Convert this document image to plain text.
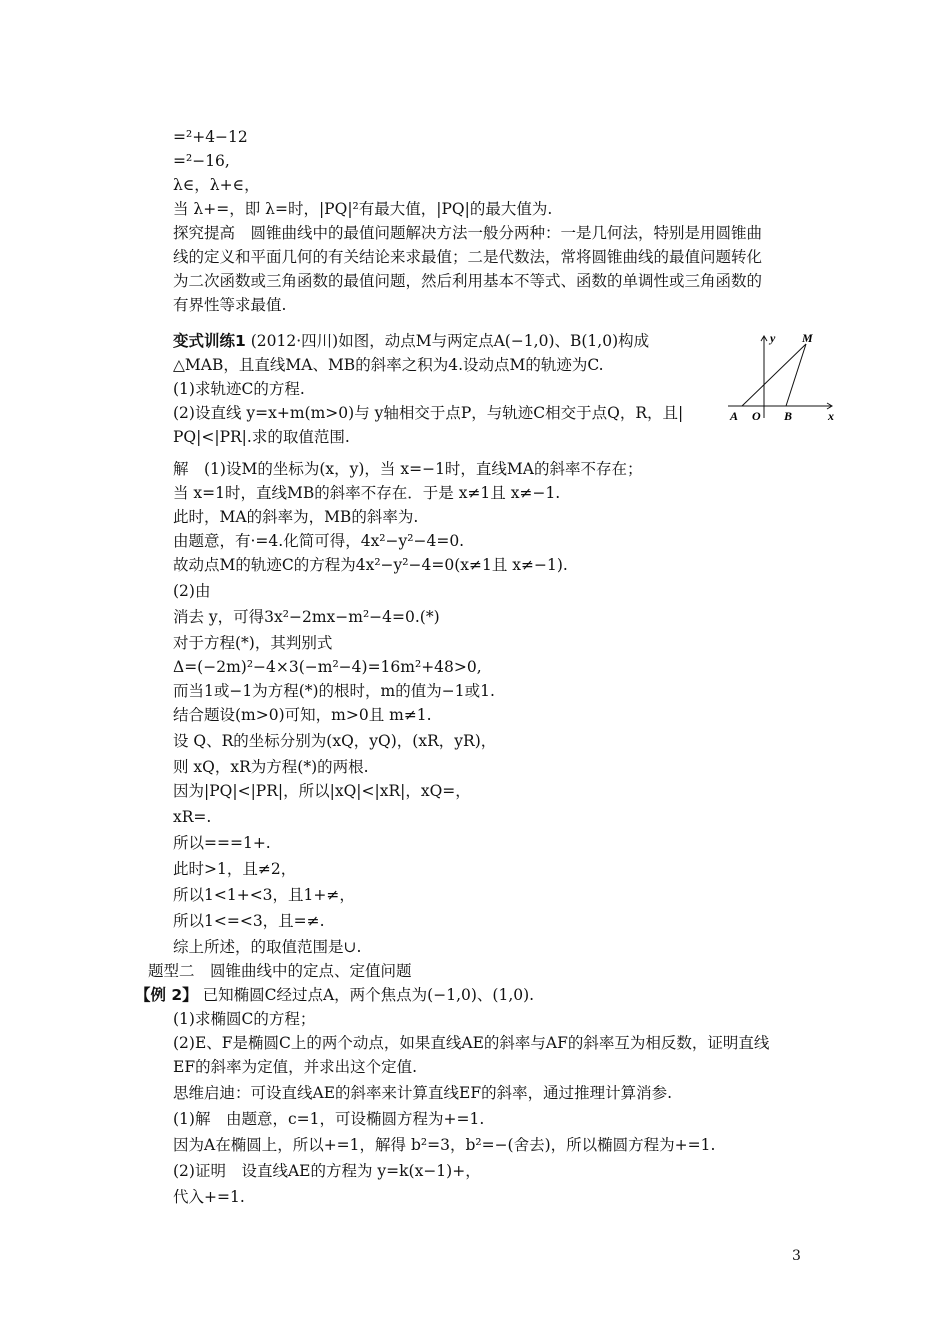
=²+4−12
=²−16,
λ∈，λ+∈，
当 λ+=，即 λ=时，|PQ|²有最大值，|PQ|的最大值为.
探究提高　圆锥曲线中的最值问题解决方法一般分两种：一是几何法，特别是用圆锥曲
线的定义和平面几何的有关结论来求最值；二是代数法，常将圆锥曲线的最值问题转化
为二次函数或三角函数的最值问题，然后利用基本不等式、函数的单调性或三角函数的
有界性等求最值.
变式训练1 (2012·四川)如图，动点M与两定点A(−1,0)、B(1,0)构成
△MAB，且直线MA、MB的斜率之积为4.设动点M的轨迹为C.
(1)求轨迹C的方程.
(2)设直线 y=x+m(m>0)与 y轴相交于点P，与轨迹C相交于点Q，R，且|
PQ|<|PR|.求的取值范围.
y M
A O B	x
解　(1)设M的坐标为(x，y)，当 x=−1时，直线MA的斜率不存在；
当 x=1时，直线MB的斜率不存在．于是 x≠1且 x≠−1.
此时，MA的斜率为，MB的斜率为.
由题意，有·=4.化简可得，4x²−y²−4=0.
故动点M的轨迹C的方程为4x²−y²−4=0(x≠1且 x≠−1).
(2)由
消去 y，可得3x²−2mx−m²−4=0.(*)
对于方程(*)，其判别式
Δ=(−2m)²−4×3(−m²−4)=16m²+48>0,
而当1或−1为方程(*)的根时，m的值为−1或1.
结合题设(m>0)可知，m>0且 m≠1.
设 Q、R的坐标分别为(xQ，yQ)，(xR，yR)，
则 xQ，xR为方程(*)的两根.
因为|PQ|<|PR|，所以|xQ|<|xR|，xQ=，
xR=.
所以===1+.
此时>1，且≠2，
所以1<1+<3，且1+≠，
所以1<=<3，且=≠.
综上所述，的取值范围是∪.
题型二　圆锥曲线中的定点、定值问题
【例 2】 已知椭圆C经过点A，两个焦点为(−1,0)、(1,0).
(1)求椭圆C的方程；
(2)E、F是椭圆C上的两个动点，如果直线AE的斜率与AF的斜率互为相反数，证明直线
EF的斜率为定值，并求出这个定值.
思维启迪：可设直线AE的斜率来计算直线EF的斜率，通过推理计算消参.
(1)解　由题意，c=1，可设椭圆方程为+=1.
因为A在椭圆上，所以+=1，解得 b²=3，b²=−(舍去)，所以椭圆方程为+=1.
(2)证明　设直线AE的方程为 y=k(x−1)+，
代入+=1.
3
